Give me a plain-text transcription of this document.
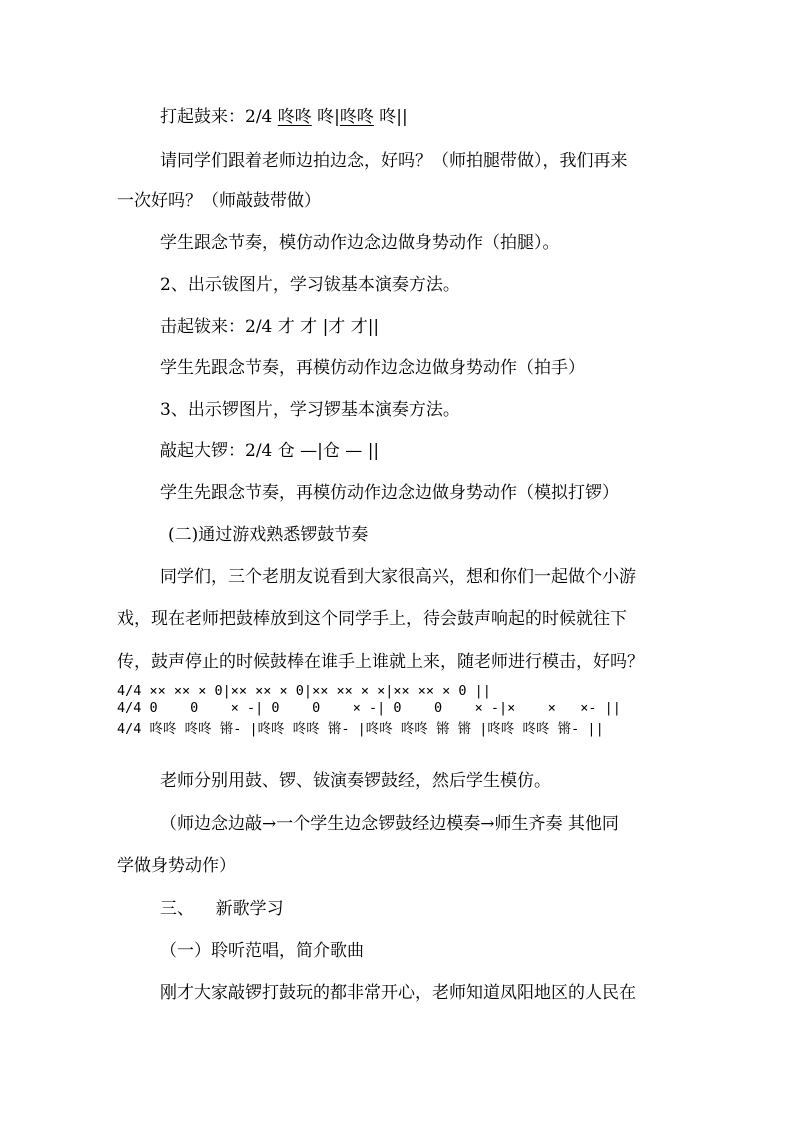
打起鼓来：2/4 咚咚 咚|咚咚 咚||
请同学们跟着老师边拍边念，好吗？（师拍腿带做），我们再来
一次好吗？（师敲鼓带做）
学生跟念节奏，模仿动作边念边做身势动作（拍腿）。
2、出示钹图片，学习钹基本演奏方法。
击起钹来：2/4 才 才 |才 才||
学生先跟念节奏，再模仿动作边念边做身势动作（拍手）
3、出示锣图片，学习锣基本演奏方法。
敲起大锣：2/4 仓 —|仓 — ||
学生先跟念节奏，再模仿动作边念边做身势动作（模拟打锣）
(二)通过游戏熟悉锣鼓节奏
同学们，三个老朋友说看到大家很高兴，想和你们一起做个小游
戏，现在老师把鼓棒放到这个同学手上，待会鼓声响起的时候就往下
传，鼓声停止的时候鼓棒在谁手上谁就上来，随老师进行模击，好吗？
4/4 ×× ×× × 0|×× ×× × 0|×× ×× × ×|×× ×× × 0 ||
4/4 0    0    × -| 0    0    × -| 0    0    × -|×    ×   ×- ||
4/4 咚咚 咚咚 锵- |咚咚 咚咚 锵- |咚咚 咚咚 锵 锵 |咚咚 咚咚 锵- ||
老师分别用鼓、锣、钹演奏锣鼓经，然后学生模仿。
（师边念边敲→一个学生边念锣鼓经边模奏→师生齐奏 其他同
学做身势动作）
三、    新歌学习
（一）聆听范唱，简介歌曲
刚才大家敲锣打鼓玩的都非常开心，老师知道凤阳地区的人民在
